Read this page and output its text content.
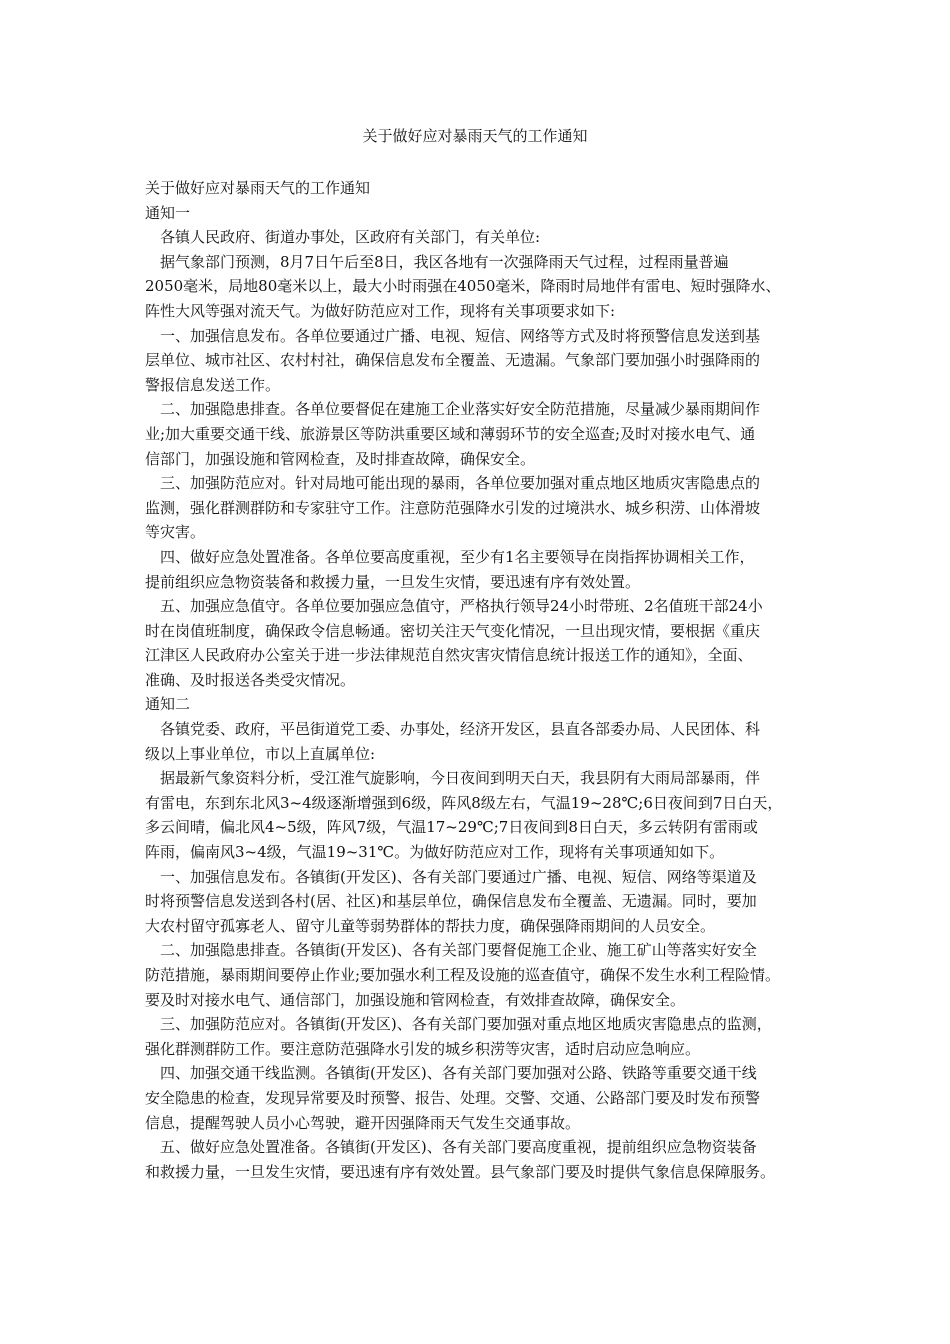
关于做好应对暴雨天气的工作通知
关于做好应对暴雨天气的工作通知
通知一
各镇人民政府、街道办事处，区政府有关部门，有关单位:
据气象部门预测，8月7日午后至8日，我区各地有一次强降雨天气过程，过程雨量普遍
2050毫米，局地80毫米以上，最大小时雨强在4050毫米，降雨时局地伴有雷电、短时强降水、
阵性大风等强对流天气。为做好防范应对工作，现将有关事项要求如下:
一、加强信息发布。各单位要通过广播、电视、短信、网络等方式及时将预警信息发送到基
层单位、城市社区、农村村社，确保信息发布全覆盖、无遗漏。气象部门要加强小时强降雨的
警报信息发送工作。
二、加强隐患排查。各单位要督促在建施工企业落实好安全防范措施，尽量减少暴雨期间作
业;加大重要交通干线、旅游景区等防洪重要区域和薄弱环节的安全巡查;及时对接水电气、通
信部门，加强设施和管网检查，及时排查故障，确保安全。
三、加强防范应对。针对局地可能出现的暴雨，各单位要加强对重点地区地质灾害隐患点的
监测，强化群测群防和专家驻守工作。注意防范强降水引发的过境洪水、城乡积涝、山体滑坡
等灾害。
四、做好应急处置准备。各单位要高度重视，至少有1名主要领导在岗指挥协调相关工作，
提前组织应急物资装备和救援力量，一旦发生灾情，要迅速有序有效处置。
五、加强应急值守。各单位要加强应急值守，严格执行领导24小时带班、2名值班干部24小
时在岗值班制度，确保政令信息畅通。密切关注天气变化情况，一旦出现灾情，要根据《重庆
江津区人民政府办公室关于进一步法律规范自然灾害灾情信息统计报送工作的通知》，全面、
准确、及时报送各类受灾情况。
通知二
各镇党委、政府，平邑街道党工委、办事处，经济开发区，县直各部委办局、人民团体、科
级以上事业单位，市以上直属单位:
据最新气象资料分析，受江淮气旋影响，今日夜间到明天白天，我县阴有大雨局部暴雨，伴
有雷电，东到东北风3~4级逐渐增强到6级，阵风8级左右，气温19~28℃;6日夜间到7日白天，
多云间晴，偏北风4~5级，阵风7级，气温17~29℃;7日夜间到8日白天，多云转阴有雷雨或
阵雨，偏南风3~4级，气温19~31℃。为做好防范应对工作，现将有关事项通知如下。
一、加强信息发布。各镇街(开发区)、各有关部门要通过广播、电视、短信、网络等渠道及
时将预警信息发送到各村(居、社区)和基层单位，确保信息发布全覆盖、无遗漏。同时，要加
大农村留守孤寡老人、留守儿童等弱势群体的帮扶力度，确保强降雨期间的人员安全。
二、加强隐患排查。各镇街(开发区)、各有关部门要督促施工企业、施工矿山等落实好安全
防范措施，暴雨期间要停止作业;要加强水利工程及设施的巡查值守，确保不发生水利工程险情。
要及时对接水电气、通信部门，加强设施和管网检查，有效排查故障，确保安全。
三、加强防范应对。各镇街(开发区)、各有关部门要加强对重点地区地质灾害隐患点的监测，
强化群测群防工作。要注意防范强降水引发的城乡积涝等灾害，适时启动应急响应。
四、加强交通干线监测。各镇街(开发区)、各有关部门要加强对公路、铁路等重要交通干线
安全隐患的检查，发现异常要及时预警、报告、处理。交警、交通、公路部门要及时发布预警
信息，提醒驾驶人员小心驾驶，避开因强降雨天气发生交通事故。
五、做好应急处置准备。各镇街(开发区)、各有关部门要高度重视，提前组织应急物资装备
和救援力量，一旦发生灾情，要迅速有序有效处置。县气象部门要及时提供气象信息保障服务。
